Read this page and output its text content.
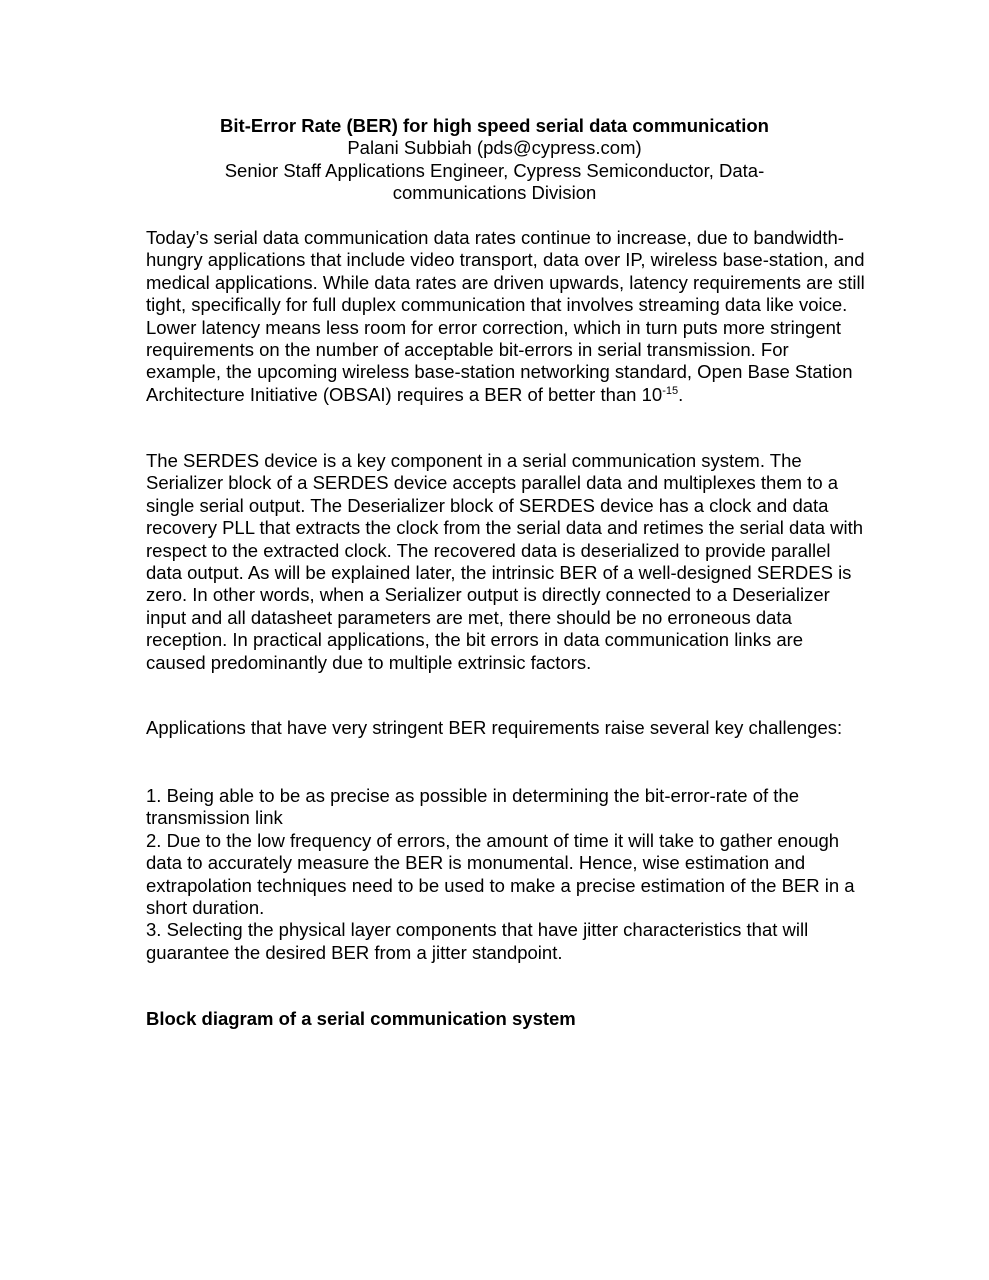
Bit-Error Rate (BER) for high speed serial data communication
Palani Subbiah (pds@cypress.com)
Senior Staff Applications Engineer, Cypress Semiconductor, Data-
communications Division

Today’s serial data communication data rates continue to increase, due to bandwidth-hungry applications that include video transport, data over IP, wireless base-station, and medical applications. While data rates are driven upwards, latency requirements are still tight, specifically for full duplex communication that involves streaming data like voice. Lower latency means less room for error correction, which in turn puts more stringent requirements on the number of acceptable bit-errors in serial transmission. For example, the upcoming wireless base-station networking standard, Open Base Station Architecture Initiative (OBSAI) requires a BER of better than $10^{-15}$.

The SERDES device is a key component in a serial communication system. The Serializer block of a SERDES device accepts parallel data and multiplexes them to a single serial output. The Deserializer block of SERDES device has a clock and data recovery PLL that extracts the clock from the serial data and retimes the serial data with respect to the extracted clock. The recovered data is deserialized to provide parallel data output. As will be explained later, the intrinsic BER of a well-designed SERDES is zero. In other words, when a Serializer output is directly connected to a Deserializer input and all datasheet parameters are met, there should be no erroneous data reception. In practical applications, the bit errors in data communication links are caused predominantly due to multiple extrinsic factors.

Applications that have very stringent BER requirements raise several key challenges:

1. Being able to be as precise as possible in determining the bit-error-rate of the transmission link

2. Due to the low frequency of errors, the amount of time it will take to gather enough data to accurately measure the BER is monumental. Hence, wise estimation and extrapolation techniques need to be used to make a precise estimation of the BER in a short duration.

3. Selecting the physical layer components that have jitter characteristics that will guarantee the desired BER from a jitter standpoint.

Block diagram of a serial communication system
